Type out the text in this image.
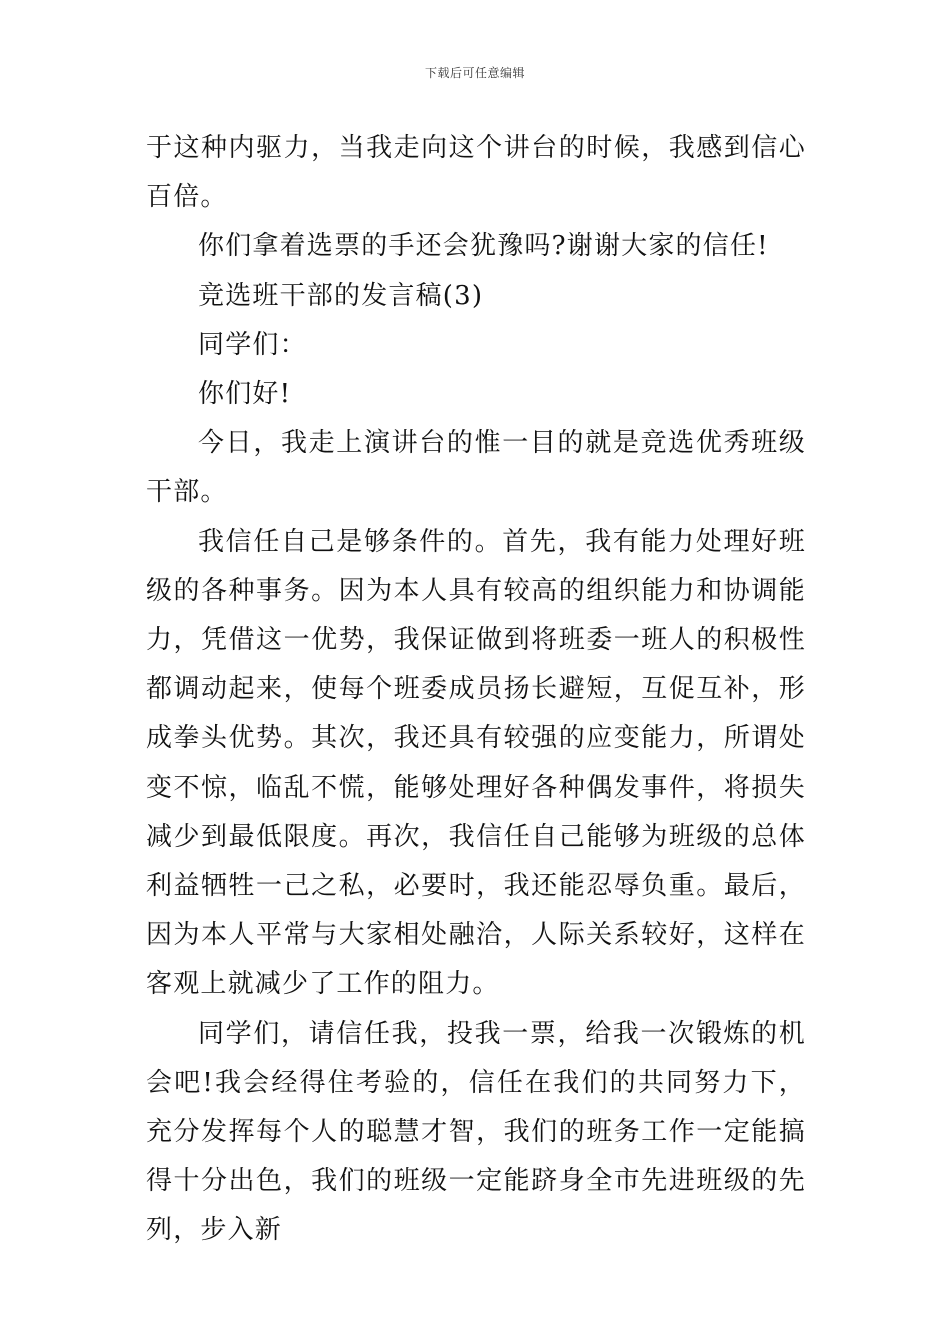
下载后可任意编辑

于这种内驱力，当我走向这个讲台的时候，我感到信心百倍。

你们拿着选票的手还会犹豫吗?谢谢大家的信任!

竞选班干部的发言稿(3)

同学们：

你们好!

今日，我走上演讲台的惟一目的就是竞选优秀班级干部。

我信任自己是够条件的。首先，我有能力处理好班级的各种事务。因为本人具有较高的组织能力和协调能力，凭借这一优势，我保证做到将班委一班人的积极性都调动起来，使每个班委成员扬长避短，互促互补，形成拳头优势。其次，我还具有较强的应变能力，所谓处变不惊，临乱不慌，能够处理好各种偶发事件，将损失减少到最低限度。再次，我信任自己能够为班级的总体利益牺牲一己之私，必要时，我还能忍辱负重。最后，因为本人平常与大家相处融洽，人际关系较好，这样在客观上就减少了工作的阻力。

同学们，请信任我，投我一票，给我一次锻炼的机会吧!我会经得住考验的，信任在我们的共同努力下，充分发挥每个人的聪慧才智，我们的班务工作一定能搞得十分出色，我们的班级一定能跻身全市先进班级的先列，步入新
